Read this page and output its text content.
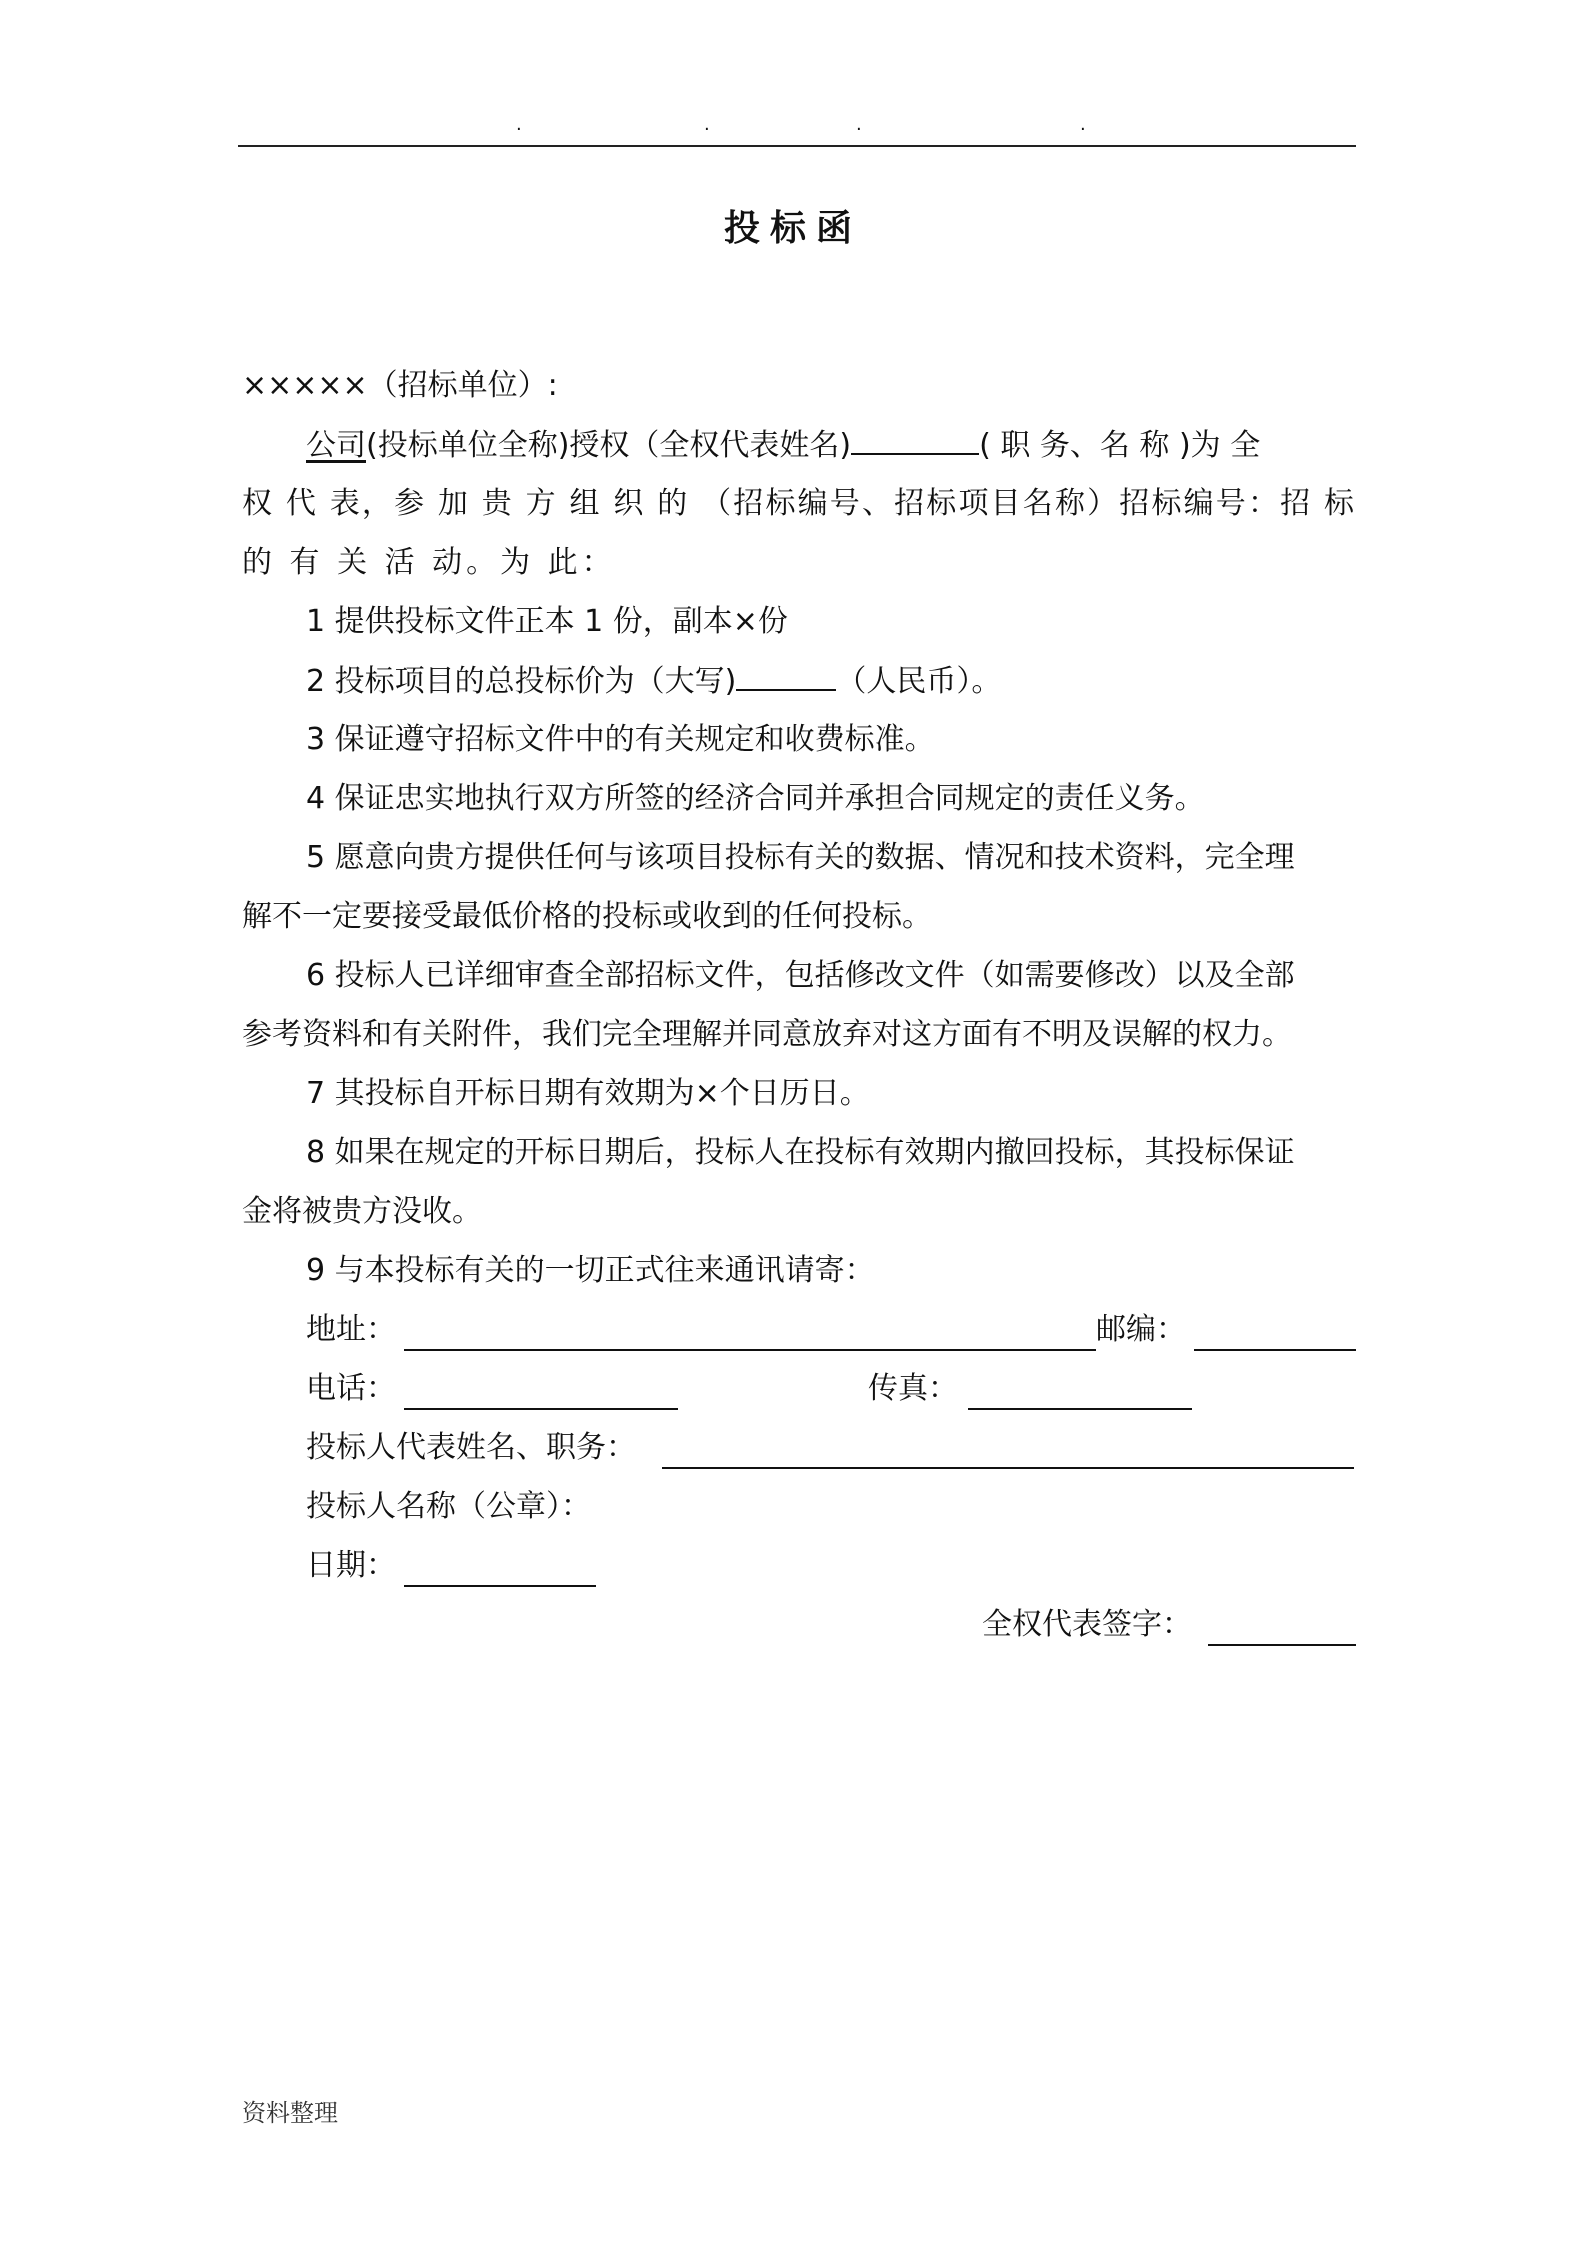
.	.	.	.
投标函
×××××（招标单位）:
公司(投标单位全称)授权（全权代表姓名)	( 职 务、名 称 )为 全
权 代 表，参 加 贵 方 组 织 的 （招标编号、招标项目名称）招标编号：招 标
的 有 关 活 动。为 此：
1 提供投标文件正本 1 份，副本×份
2 投标项目的总投标价为（大写)	（人民币）。
3 保证遵守招标文件中的有关规定和收费标准。
4 保证忠实地执行双方所签的经济合同并承担合同规定的责任义务。
5 愿意向贵方提供任何与该项目投标有关的数据、情况和技术资料，完全理
解不一定要接受最低价格的投标或收到的任何投标。
6 投标人已详细审查全部招标文件，包括修改文件（如需要修改）以及全部
参考资料和有关附件，我们完全理解并同意放弃对这方面有不明及误解的权力。
7 其投标自开标日期有效期为×个日历日。
8 如果在规定的开标日期后，投标人在投标有效期内撤回投标，其投标保证
金将被贵方没收。
9 与本投标有关的一切正式往来通讯请寄：
地址：	邮编：
电话：	传真：
投标人代表姓名、职务：
投标人名称（公章）：
日期：
全权代表签字：
资料整理
